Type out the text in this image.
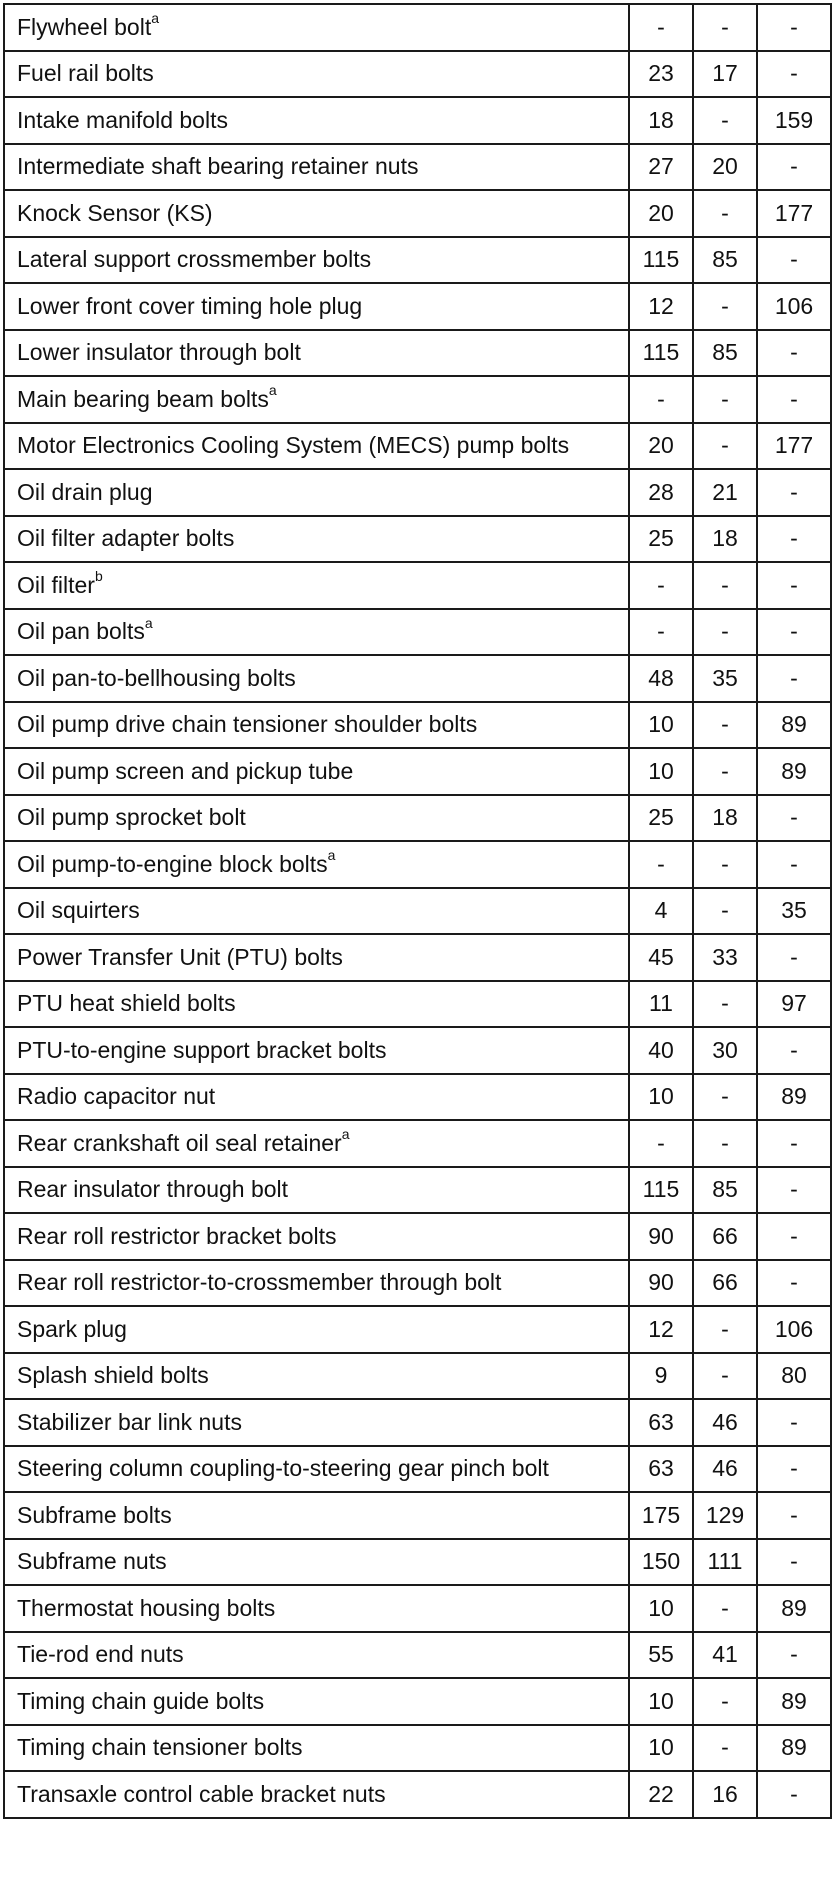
Flywheel bolt$^a$	-	-	-
Fuel rail bolts	23	17	-
Intake manifold bolts	18	-	159
Intermediate shaft bearing retainer nuts	27	20	-
Knock Sensor (KS)	20	-	177
Lateral support crossmember bolts	115	85	-
Lower front cover timing hole plug	12	-	106
Lower insulator through bolt	115	85	-
Main bearing beam bolts$^a$	-	-	-
Motor Electronics Cooling System (MECS) pump bolts	20	-	177
Oil drain plug	28	21	-
Oil filter adapter bolts	25	18	-
Oil filter$^b$	-	-	-
Oil pan bolts$^a$	-	-	-
Oil pan-to-bellhousing bolts	48	35	-
Oil pump drive chain tensioner shoulder bolts	10	-	89
Oil pump screen and pickup tube	10	-	89
Oil pump sprocket bolt	25	18	-
Oil pump-to-engine block bolts$^a$	-	-	-
Oil squirters	4	-	35
Power Transfer Unit (PTU) bolts	45	33	-
PTU heat shield bolts	11	-	97
PTU-to-engine support bracket bolts	40	30	-
Radio capacitor nut	10	-	89
Rear crankshaft oil seal retainer$^a$	-	-	-
Rear insulator through bolt	115	85	-
Rear roll restrictor bracket bolts	90	66	-
Rear roll restrictor-to-crossmember through bolt	90	66	-
Spark plug	12	-	106
Splash shield bolts	9	-	80
Stabilizer bar link nuts	63	46	-
Steering column coupling-to-steering gear pinch bolt	63	46	-
Subframe bolts	175	129	-
Subframe nuts	150	111	-
Thermostat housing bolts	10	-	89
Tie-rod end nuts	55	41	-
Timing chain guide bolts	10	-	89
Timing chain tensioner bolts	10	-	89
Transaxle control cable bracket nuts	22	16	-
